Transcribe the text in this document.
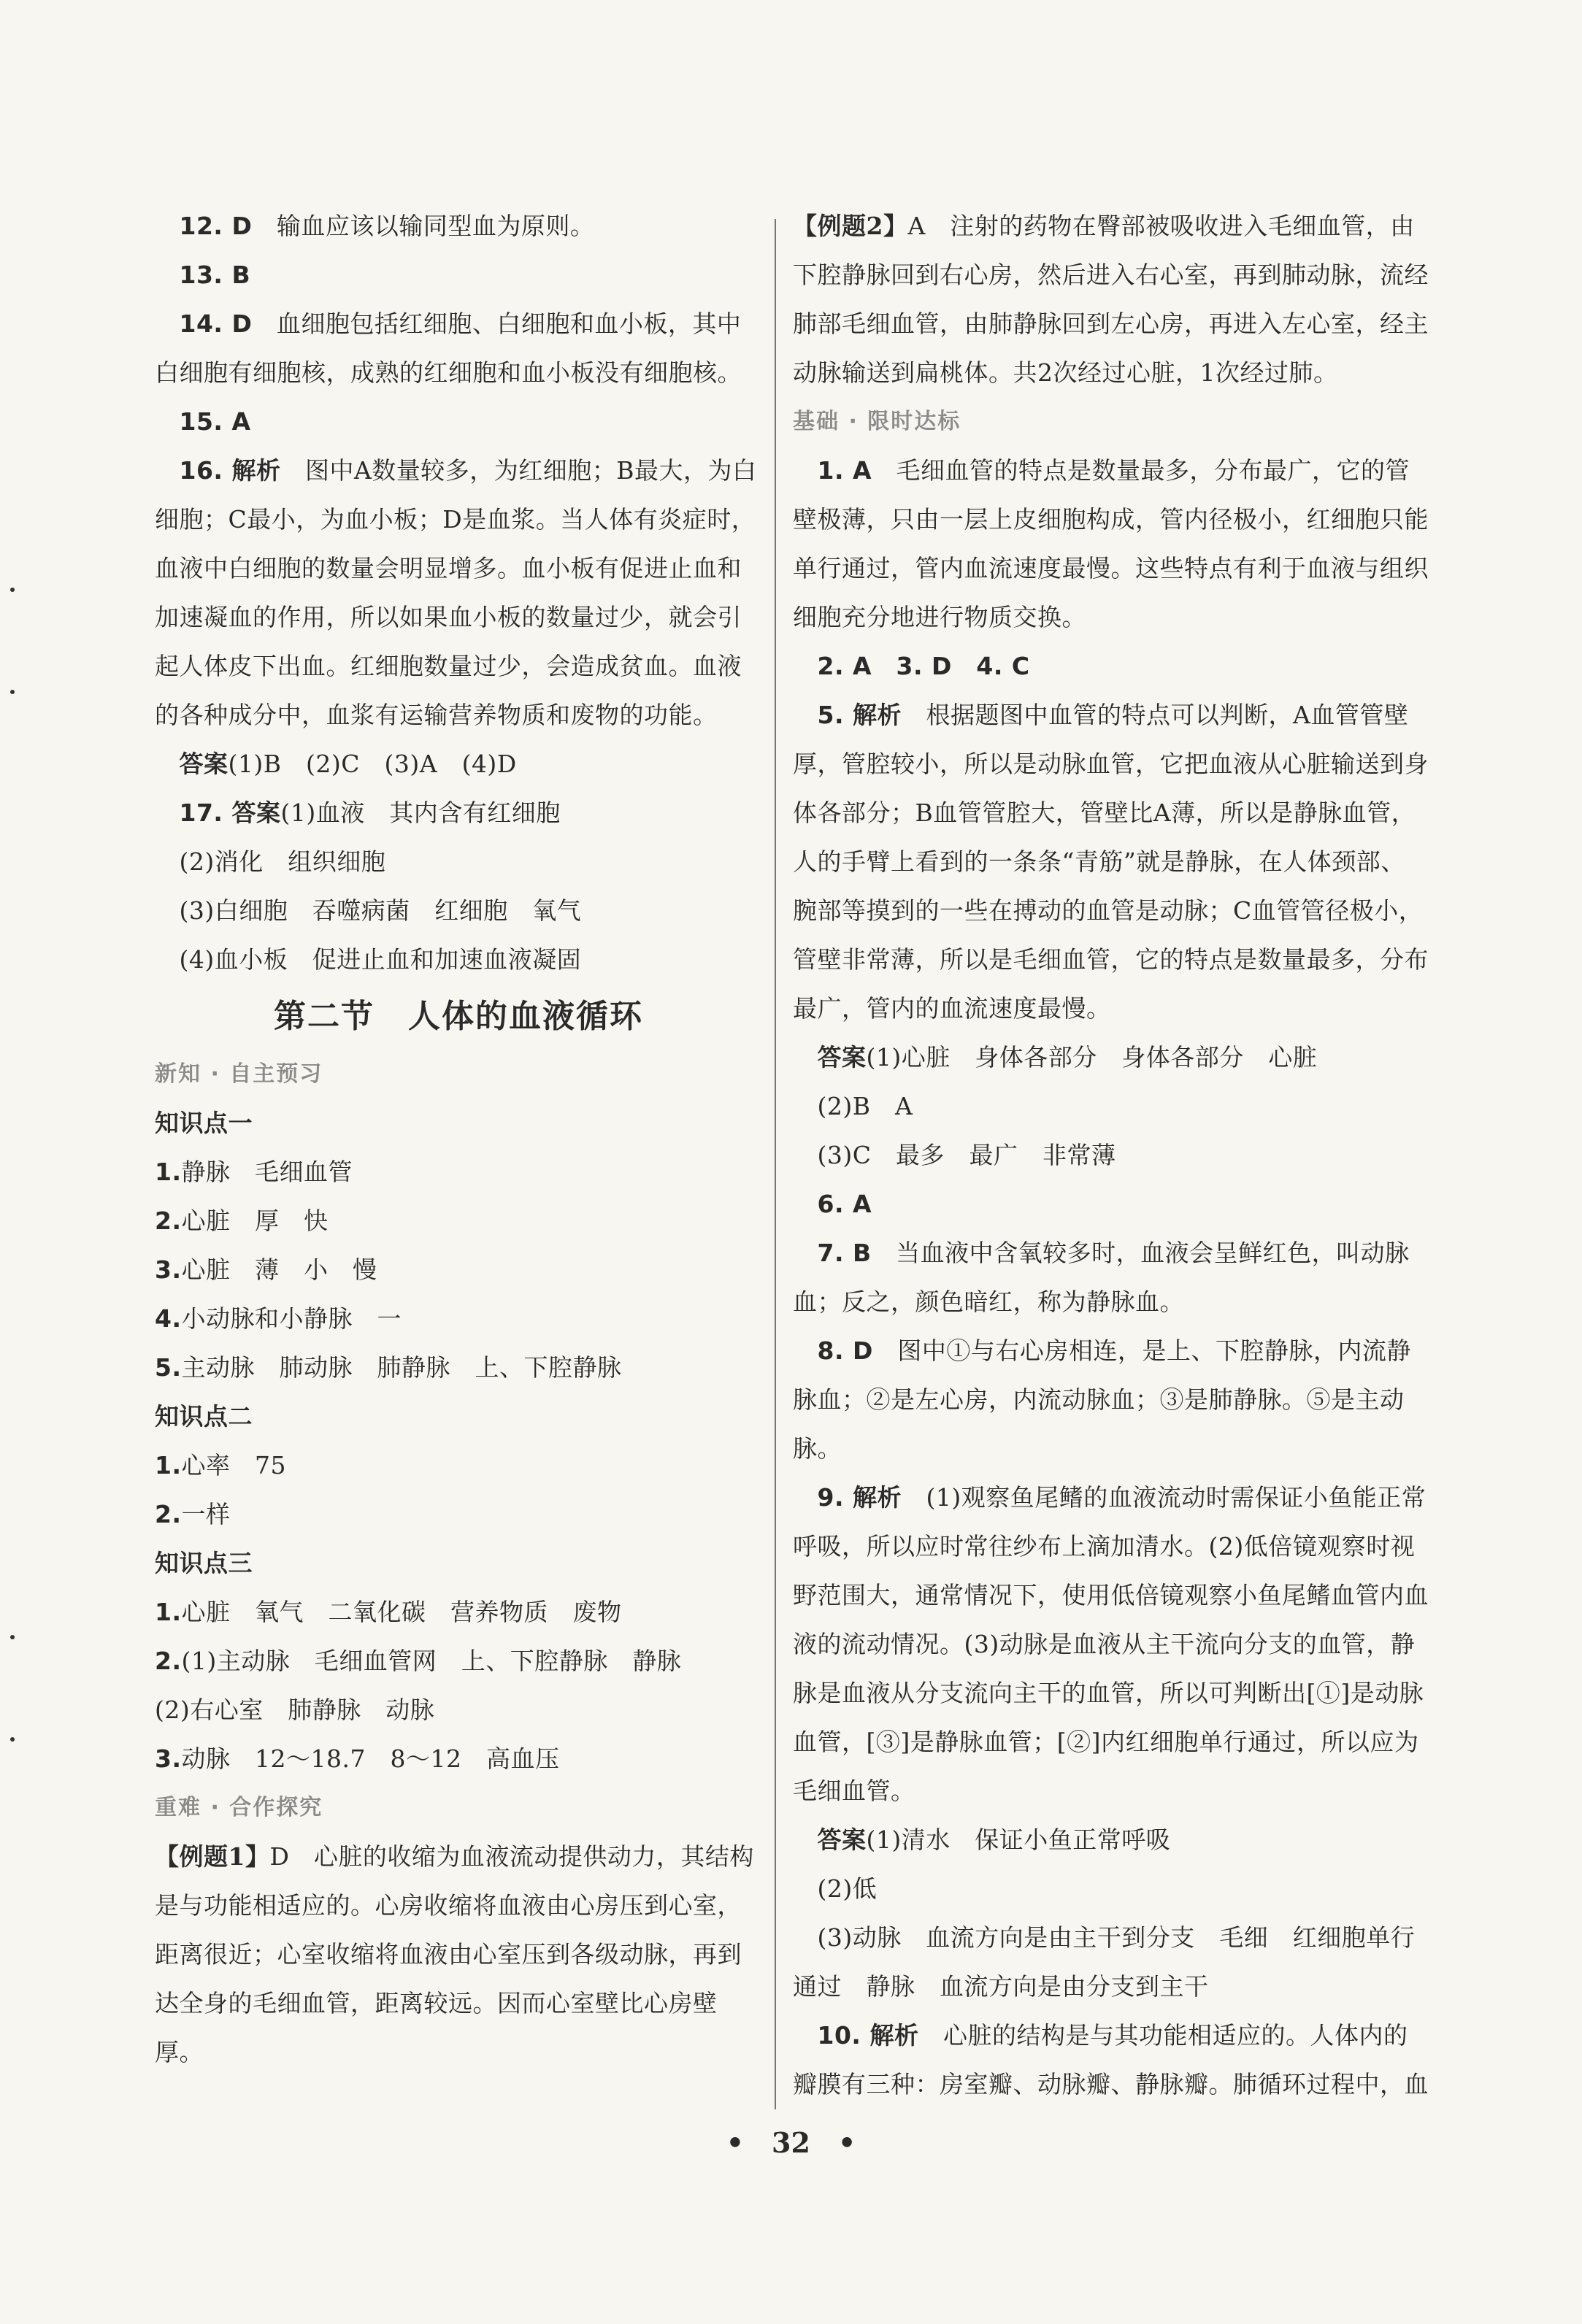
　12. D　 输血应该以输同型血为原则。
　13. B
　14. D　 血细胞包括红细胞、白细胞和血小板，其中白细胞有细胞核，成熟的红细胞和血小板没有细胞核。
　15. A
　16. 解析　 图中A数量较多，为红细胞；B最大，为白细胞；C最小，为血小板；D是血浆。当人体有炎症时，血液中白细胞的数量会明显增多。血小板有促进止血和加速凝血的作用，所以如果血小板的数量过少，就会引起人体皮下出血。红细胞数量过少，会造成贫血。血液的各种成分中，血浆有运输营养物质和废物的功能。
　答案(1)B　(2)C　(3)A　(4)D
　17. 答案(1)血液　其内含有红细胞
　(2)消化　组织细胞
　(3)白细胞　吞噬病菌　红细胞　氧气
　(4)血小板　促进止血和加速血液凝固
第二节　人体的血液循环
新知 · 自主预习
知识点一
1.静脉　毛细血管
2.心脏　厚　快
3.心脏　薄　小　慢
4.小动脉和小静脉　一
5.主动脉　肺动脉　肺静脉　上、下腔静脉
知识点二
1.心率　75
2.一样
知识点三
1.心脏　氧气　二氧化碳　营养物质　废物
2.(1)主动脉　毛细血管网　上、下腔静脉　静脉
(2)右心室　肺静脉　动脉
3.动脉　12～18.7　8～12　高血压
重难 · 合作探究
【例题1】D　心脏的收缩为血液流动提供动力，其结构是与功能相适应的。心房收缩将血液由心房压到心室，距离很近；心室收缩将血液由心室压到各级动脉，再到达全身的毛细血管，距离较远。因而心室壁比心房壁厚。
【例题2】A　注射的药物在臀部被吸收进入毛细血管，由下腔静脉回到右心房，然后进入右心室，再到肺动脉，流经肺部毛细血管，由肺静脉回到左心房，再进入左心室，经主动脉输送到扁桃体。共2次经过心脏，1次经过肺。
基础 · 限时达标
　1. A　 毛细血管的特点是数量最多，分布最广，它的管壁极薄，只由一层上皮细胞构成，管内径极小，红细胞只能单行通过，管内血流速度最慢。这些特点有利于血液与组织细胞充分地进行物质交换。
　2. A　3. D　4. C
　5. 解析　 根据题图中血管的特点可以判断，A血管管壁厚，管腔较小，所以是动脉血管，它把血液从心脏输送到身体各部分；B血管管腔大，管壁比A薄，所以是静脉血管，人的手臂上看到的一条条“青筋”就是静脉，在人体颈部、腕部等摸到的一些在搏动的血管是动脉；C血管管径极小，管壁非常薄，所以是毛细血管，它的特点是数量最多，分布最广，管内的血流速度最慢。
　答案(1)心脏　身体各部分　身体各部分　心脏
　(2)B　A
　(3)C　最多　最广　非常薄
　6. A
　7. B　 当血液中含氧较多时，血液会呈鲜红色，叫动脉血；反之，颜色暗红，称为静脉血。
　8. D　 图中①与右心房相连，是上、下腔静脉，内流静脉血；②是左心房，内流动脉血；③是肺静脉。⑤是主动脉。
　9. 解析　 (1)观察鱼尾鳍的血液流动时需保证小鱼能正常呼吸，所以应时常往纱布上滴加清水。(2)低倍镜观察时视野范围大，通常情况下，使用低倍镜观察小鱼尾鳍血管内血液的流动情况。(3)动脉是血液从主干流向分支的血管，静脉是血液从分支流向主干的血管，所以可判断出[①]是动脉血管，[③]是静脉血管；[②]内红细胞单行通过，所以应为毛细血管。
　答案(1)清水　保证小鱼正常呼吸
　(2)低
　(3)动脉　血流方向是由主干到分支　毛细　红细胞单行通过　静脉　血流方向是由分支到主干
　10. 解析　 心脏的结构是与其功能相适应的。人体内的瓣膜有三种：房室瓣、动脉瓣、静脉瓣。肺循环过程中，血
•　32　•
